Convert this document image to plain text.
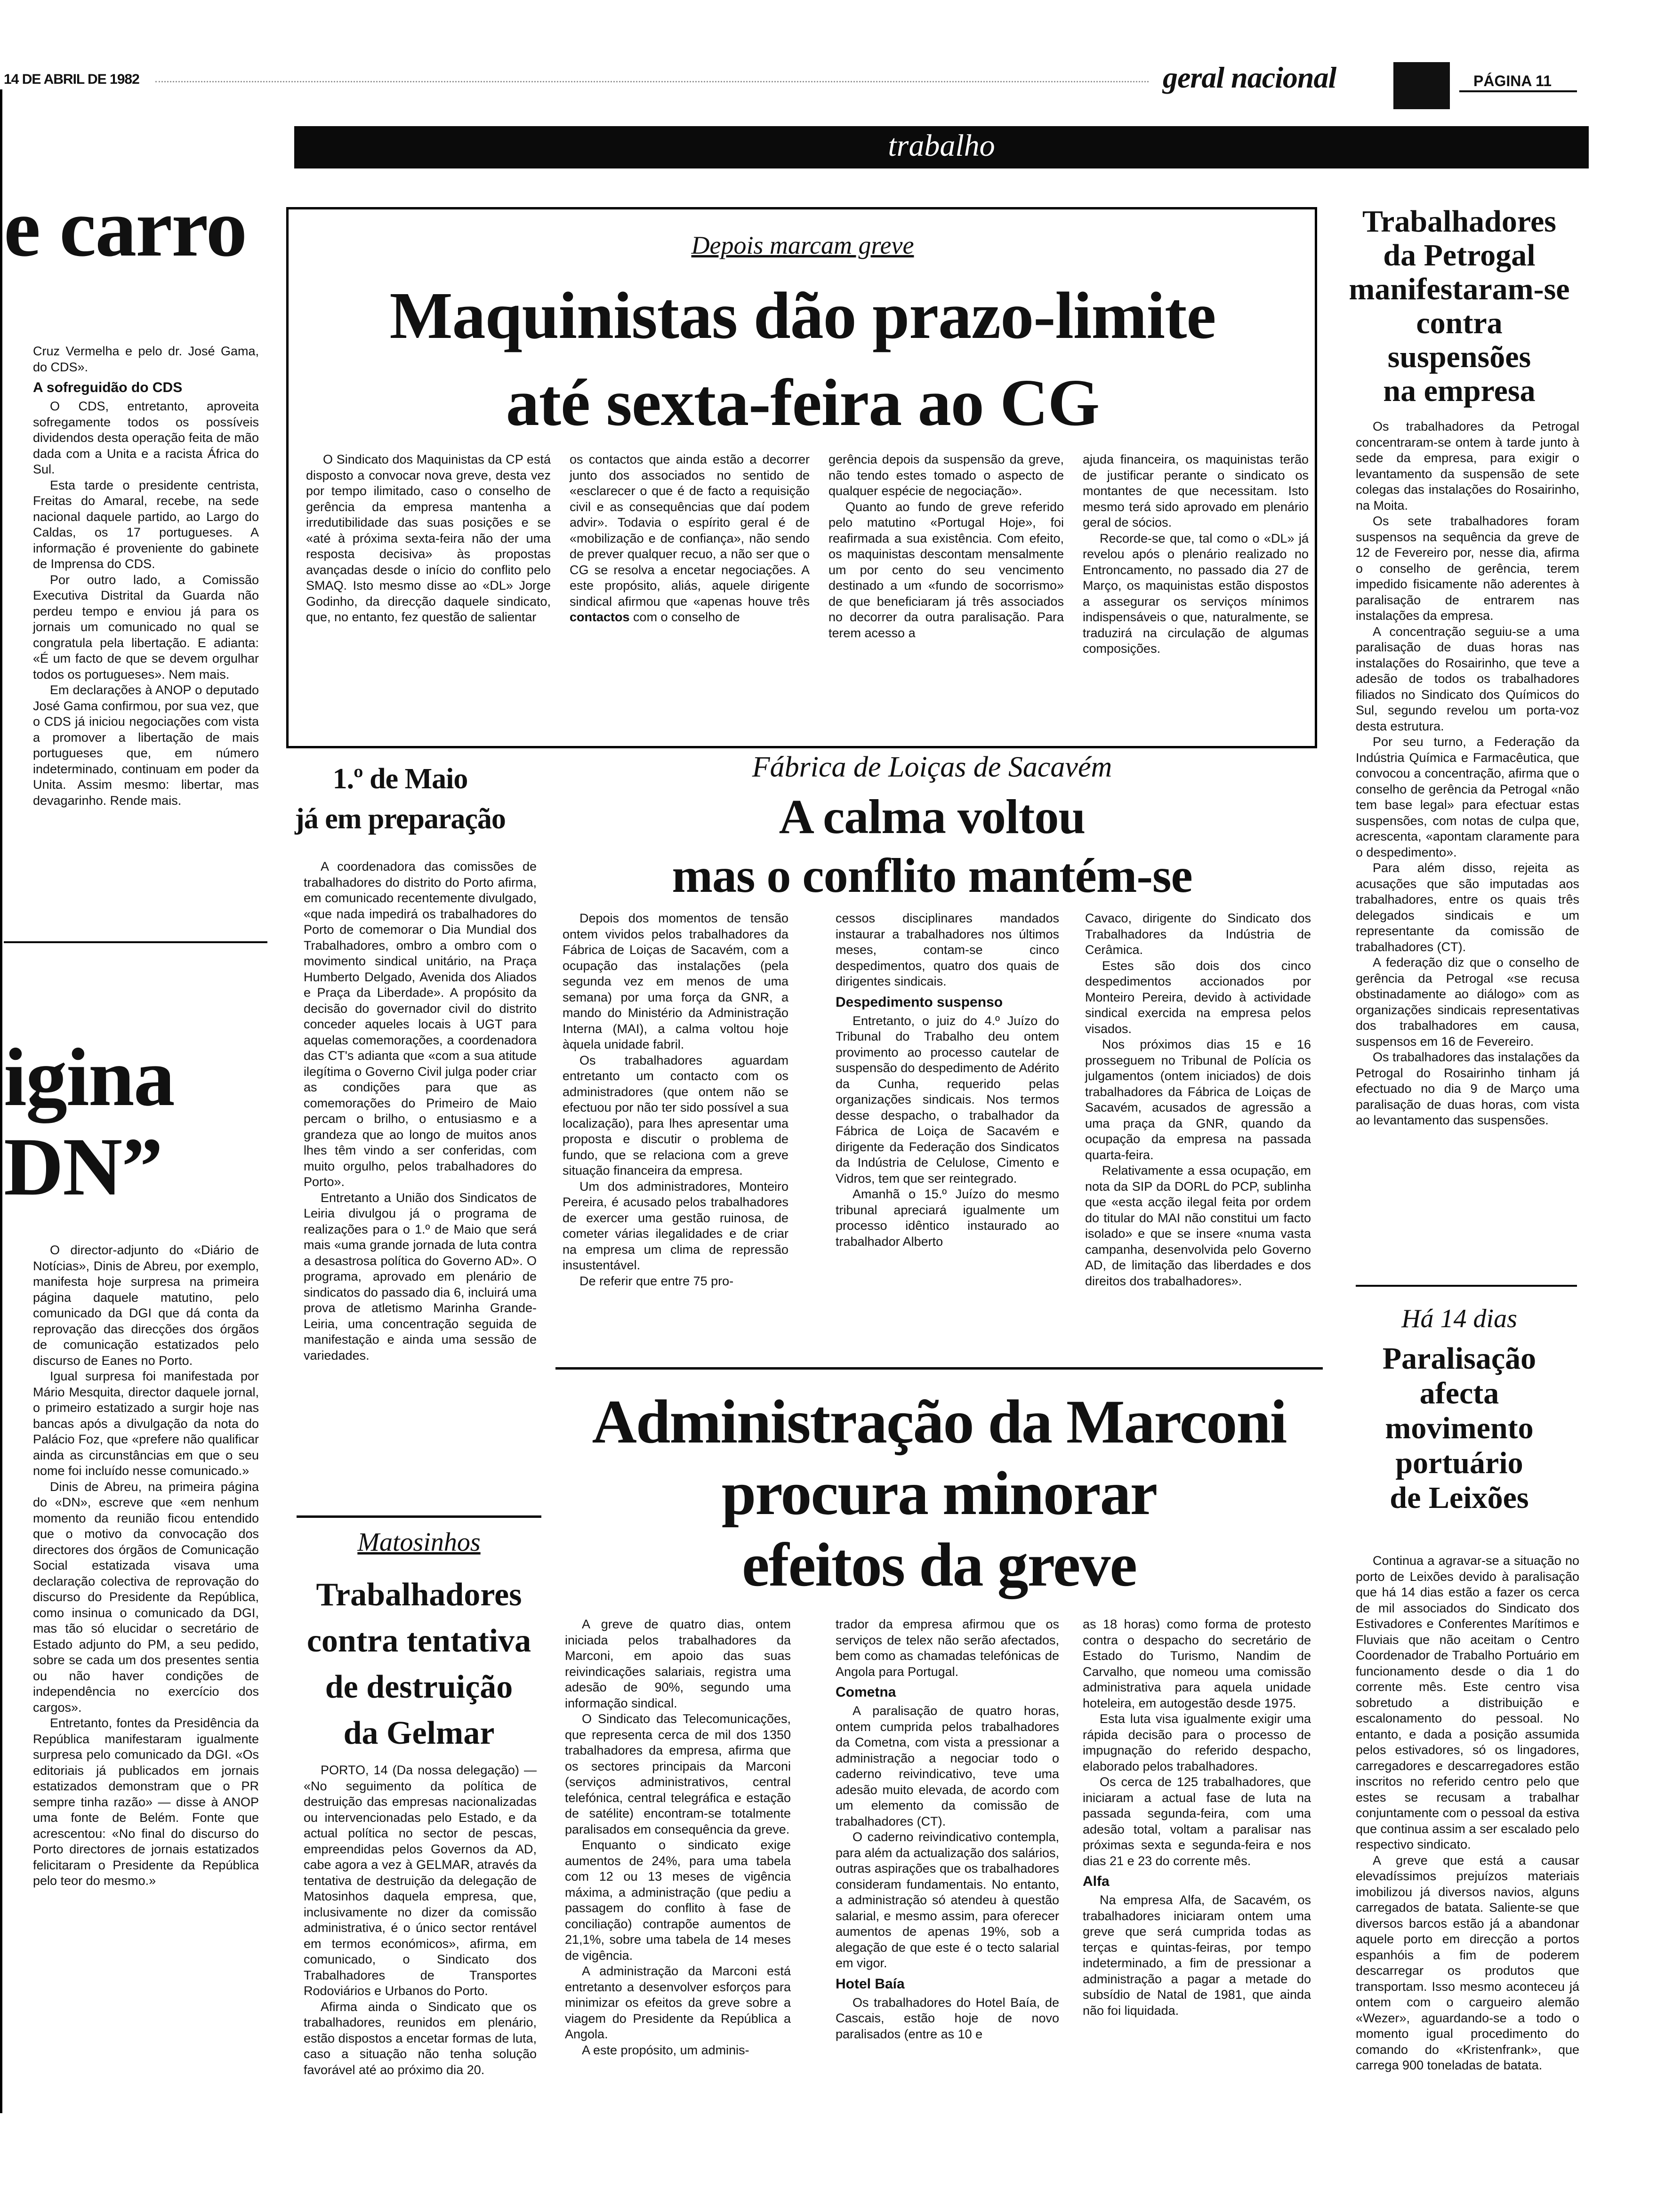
14 DE ABRIL DE 1982	geral nacional	PÁGINA 11
trabalho
e carro

Cruz Vermelha e pelo dr. José Gama, do CDS».

A sofreguidão do CDS

O CDS, entretanto, aproveita sofregamente todos os possíveis dividendos desta operação feita de mão dada com a Unita e a racista África do Sul.

Esta tarde o presidente centrista, Freitas do Amaral, recebe, na sede nacional daquele partido, ao Largo do Caldas, os 17 portugueses. A informação é proveniente do gabinete de Imprensa do CDS.

Por outro lado, a Comissão Executiva Distrital da Guarda não perdeu tempo e enviou já para os jornais um comunicado no qual se congratula pela libertação. E adianta: «É um facto de que se devem orgulhar todos os portugueses». Nem mais.

Em declarações à ANOP o deputado José Gama confirmou, por sua vez, que o CDS já iniciou negociações com vista a promover a libertação de mais portugueses que, em número indeterminado, continuam em poder da Unita. Assim mesmo: libertar, mas devagarinho. Rende mais.

igina
DN”

O director-adjunto do «Diário de Notícias», Dinis de Abreu, por exemplo, manifesta hoje surpresa na primeira página daquele matutino, pelo comunicado da DGI que dá conta da reprovação das direcções dos órgãos de comunicação estatizados pelo discurso de Eanes no Porto.

Igual surpresa foi manifestada por Mário Mesquita, director daquele jornal, o primeiro estatizado a surgir hoje nas bancas após a divulgação da nota do Palácio Foz, que «prefere não qualificar ainda as circunstâncias em que o seu nome foi incluído nesse comunicado.»

Dinis de Abreu, na primeira página do «DN», escreve que «em nenhum momento da reunião ficou entendido que o motivo da convocação dos directores dos órgãos de Comunicação Social estatizada visava uma declaração colectiva de reprovação do discurso do Presidente da República, como insinua o comunicado da DGI, mas tão só elucidar o secretário de Estado adjunto do PM, a seu pedido, sobre se cada um dos presentes sentia ou não haver condições de independência no exercício dos cargos».

Entretanto, fontes da Presidência da República manifestaram igualmente surpresa pelo comunicado da DGI. «Os editoriais já publicados em jornais estatizados demonstram que o PR sempre tinha razão» — disse à ANOP uma fonte de Belém. Fonte que acrescentou: «No final do discurso do Porto directores de jornais estatizados felicitaram o Presidente da República pelo teor do mesmo.»

Depois marcam greve
Maquinistas dão prazo-limite
até sexta-feira ao CG

O Sindicato dos Maquinistas da CP está disposto a convocar nova greve, desta vez por tempo ilimitado, caso o conselho de gerência da empresa mantenha a irredutibilidade das suas posições e se «até à próxima sexta-feira não der uma resposta decisiva» às propostas avançadas desde o início do conflito pelo SMAQ. Isto mesmo disse ao «DL» Jorge Godinho, da direcção daquele sindicato, que, no entanto, fez questão de salientar

os contactos que ainda estão a decorrer junto dos associados no sentido de «esclarecer o que é de facto a requisição civil e as consequências que daí podem advir». Todavia o espírito geral é de «mobilização e de confiança», não sendo de prever qualquer recuo, a não ser que o CG se resolva a encetar negociações. A este propósito, aliás, aquele dirigente sindical afirmou que «apenas houve três contactos com o conselho de

gerência depois da suspensão da greve, não tendo estes tomado o aspecto de qualquer espécie de negociação».

Quanto ao fundo de greve referido pelo matutino «Portugal Hoje», foi reafirmada a sua existência. Com efeito, os maquinistas descontam mensalmente um por cento do seu vencimento destinado a um «fundo de socorrismo» de que beneficiaram já três associados no decorrer da outra paralisação. Para terem acesso a

ajuda financeira, os maquinistas terão de justificar perante o sindicato os montantes de que necessitam. Isto mesmo terá sido aprovado em plenário geral de sócios.

Recorde-se que, tal como o «DL» já revelou após o plenário realizado no Entroncamento, no passado dia 27 de Março, os maquinistas estão dispostos a assegurar os serviços mínimos indispensáveis o que, naturalmente, se traduzirá na circulação de algumas composições.

Trabalhadores
da Petrogal
manifestaram-se
contra
suspensões
na empresa

Os trabalhadores da Petrogal concentraram-se ontem à tarde junto à sede da empresa, para exigir o levantamento da suspensão de sete colegas das instalações do Rosairinho, na Moita.

Os sete trabalhadores foram suspensos na sequência da greve de 12 de Fevereiro por, nesse dia, afirma o conselho de gerência, terem impedido fisicamente não aderentes à paralisação de entrarem nas instalações da empresa.

A concentração seguiu-se a uma paralisação de duas horas nas instalações do Rosairinho, que teve a adesão de todos os trabalhadores filiados no Sindicato dos Químicos do Sul, segundo revelou um porta-voz desta estrutura.

Por seu turno, a Federação da Indústria Química e Farmacêutica, que convocou a concentração, afirma que o conselho de gerência da Petrogal «não tem base legal» para efectuar estas suspensões, com notas de culpa que, acrescenta, «apontam claramente para o despedimento».

Para além disso, rejeita as acusações que são imputadas aos trabalhadores, entre os quais três delegados sindicais e um representante da comissão de trabalhadores (CT).

A federação diz que o conselho de gerência da Petrogal «se recusa obstinadamente ao diálogo» com as organizações sindicais representativas dos trabalhadores em causa, suspensos em 16 de Fevereiro.

Os trabalhadores das instalações da Petrogal do Rosairinho tinham já efectuado no dia 9 de Março uma paralisação de duas horas, com vista ao levantamento das suspensões.

1.º de Maio
já em preparação

A coordenadora das comissões de trabalhadores do distrito do Porto afirma, em comunicado recentemente divulgado, «que nada impedirá os trabalhadores do Porto de comemorar o Dia Mundial dos Trabalhadores, ombro a ombro com o movimento sindical unitário, na Praça Humberto Delgado, Avenida dos Aliados e Praça da Liberdade». A propósito da decisão do governador civil do distrito conceder aqueles locais à UGT para aquelas comemorações, a coordenadora das CT's adianta que «com a sua atitude ilegítima o Governo Civil julga poder criar as condições para que as comemorações do Primeiro de Maio percam o brilho, o entusiasmo e a grandeza que ao longo de muitos anos lhes têm vindo a ser conferidas, com muito orgulho, pelos trabalhadores do Porto».

Entretanto a União dos Sindicatos de Leiria divulgou já o programa de realizações para o 1.º de Maio que será mais «uma grande jornada de luta contra a desastrosa política do Governo AD». O programa, aprovado em plenário de sindicatos do passado dia 6, incluirá uma prova de atletismo Marinha Grande-Leiria, uma concentração seguida de manifestação e ainda uma sessão de variedades.

Fábrica de Loiças de Sacavém
A calma voltou
mas o conflito mantém-se

Depois dos momentos de tensão ontem vividos pelos trabalhadores da Fábrica de Loiças de Sacavém, com a ocupação das instalações (pela segunda vez em menos de uma semana) por uma força da GNR, a mando do Ministério da Administração Interna (MAI), a calma voltou hoje àquela unidade fabril.

Os trabalhadores aguardam entretanto um contacto com os administradores (que ontem não se efectuou por não ter sido possível a sua localização), para lhes apresentar uma proposta e discutir o problema de fundo, que se relaciona com a greve situação financeira da empresa.

Um dos administradores, Monteiro Pereira, é acusado pelos trabalhadores de exercer uma gestão ruinosa, de cometer várias ilegalidades e de criar na empresa um clima de repressão insustentável.

De referir que entre 75 pro-

cessos disciplinares mandados instaurar a trabalhadores nos últimos meses, contam-se cinco despedimentos, quatro dos quais de dirigentes sindicais.

Despedimento suspenso

Entretanto, o juiz do 4.º Juízo do Tribunal do Trabalho deu ontem provimento ao processo cautelar de suspensão do despedimento de Adérito da Cunha, requerido pelas organizações sindicais. Nos termos desse despacho, o trabalhador da Fábrica de Loiça de Sacavém e dirigente da Federação dos Sindicatos da Indústria de Celulose, Cimento e Vidros, tem que ser reintegrado.

Amanhã o 15.º Juízo do mesmo tribunal apreciará igualmente um processo idêntico instaurado ao trabalhador Alberto

Cavaco, dirigente do Sindicato dos Trabalhadores da Indústria de Cerâmica.

Estes são dois dos cinco despedimentos accionados por Monteiro Pereira, devido à actividade sindical exercida na empresa pelos visados.

Nos próximos dias 15 e 16 prosseguem no Tribunal de Polícia os julgamentos (ontem iniciados) de dois trabalhadores da Fábrica de Loiças de Sacavém, acusados de agressão a uma praça da GNR, quando da ocupação da empresa na passada quarta-feira.

Relativamente a essa ocupação, em nota da SIP da DORL do PCP, sublinha que «esta acção ilegal feita por ordem do titular do MAI não constitui um facto isolado» e que se insere «numa vasta campanha, desenvolvida pelo Governo AD, de limitação das liberdades e dos direitos dos trabalhadores».

Há 14 dias
Paralisação
afecta
movimento
portuário
de Leixões

Continua a agravar-se a situação no porto de Leixões devido à paralisação que há 14 dias estão a fazer os cerca de mil associados do Sindicato dos Estivadores e Conferentes Marítimos e Fluviais que não aceitam o Centro Coordenador de Trabalho Portuário em funcionamento desde o dia 1 do corrente mês. Este centro visa sobretudo a distribuição e escalonamento do pessoal. No entanto, e dada a posição assumida pelos estivadores, só os lingadores, carregadores e descarregadores estão inscritos no referido centro pelo que estes se recusam a trabalhar conjuntamente com o pessoal da estiva que continua assim a ser escalado pelo respectivo sindicato.

A greve que está a causar elevadíssimos prejuízos materiais imobilizou já diversos navios, alguns carregados de batata. Saliente-se que diversos barcos estão já a abandonar aquele porto em direcção a portos espanhóis a fim de poderem descarregar os produtos que transportam. Isso mesmo aconteceu já ontem com o cargueiro alemão «Wezer», aguardando-se a todo o momento igual procedimento do comando do «Kristenfrank», que carrega 900 toneladas de batata.

Matosinhos
Trabalhadores
contra tentativa
de destruição
da Gelmar

PORTO, 14 (Da nossa delegação) — «No seguimento da política de destruição das empresas nacionalizadas ou intervencionadas pelo Estado, e da actual política no sector de pescas, empreendidas pelos Governos da AD, cabe agora a vez à GELMAR, através da tentativa de destruição da delegação de Matosinhos daquela empresa, que, inclusivamente no dizer da comissão administrativa, é o único sector rentável em termos económicos», afirma, em comunicado, o Sindicato dos Trabalhadores de Transportes Rodoviários e Urbanos do Porto.

Afirma ainda o Sindicato que os trabalhadores, reunidos em plenário, estão dispostos a encetar formas de luta, caso a situação não tenha solução favorável até ao próximo dia 20.

Administração da Marconi
procura minorar
efeitos da greve

A greve de quatro dias, ontem iniciada pelos trabalhadores da Marconi, em apoio das suas reivindicações salariais, registra uma adesão de 90%, segundo uma informação sindical.

O Sindicato das Telecomunicações, que representa cerca de mil dos 1350 trabalhadores da empresa, afirma que os sectores principais da Marconi (serviços administrativos, central telefónica, central telegráfica e estação de satélite) encontram-se totalmente paralisados em consequência da greve.

Enquanto o sindicato exige aumentos de 24%, para uma tabela com 12 ou 13 meses de vigência máxima, a administração (que pediu a passagem do conflito à fase de conciliação) contrapõe aumentos de 21,1%, sobre uma tabela de 14 meses de vigência.

A administração da Marconi está entretanto a desenvolver esforços para minimizar os efeitos da greve sobre a viagem do Presidente da República a Angola.

A este propósito, um adminis-

trador da empresa afirmou que os serviços de telex não serão afectados, bem como as chamadas telefónicas de Angola para Portugal.

Cometna

A paralisação de quatro horas, ontem cumprida pelos trabalhadores da Cometna, com vista a pressionar a administração a negociar todo o caderno reivindicativo, teve uma adesão muito elevada, de acordo com um elemento da comissão de trabalhadores (CT).

O caderno reivindicativo contempla, para além da actualização dos salários, outras aspirações que os trabalhadores consideram fundamentais. No entanto, a administração só atendeu à questão salarial, e mesmo assim, para oferecer aumentos de apenas 19%, sob a alegação de que este é o tecto salarial em vigor.

Hotel Baía

Os trabalhadores do Hotel Baía, de Cascais, estão hoje de novo paralisados (entre as 10 e

as 18 horas) como forma de protesto contra o despacho do secretário de Estado do Turismo, Nandim de Carvalho, que nomeou uma comissão administrativa para aquela unidade hoteleira, em autogestão desde 1975.

Esta luta visa igualmente exigir uma rápida decisão para o processo de impugnação do referido despacho, elaborado pelos trabalhadores.

Os cerca de 125 trabalhadores, que iniciaram a actual fase de luta na passada segunda-feira, com uma adesão total, voltam a paralisar nas próximas sexta e segunda-feira e nos dias 21 e 23 do corrente mês.

Alfa

Na empresa Alfa, de Sacavém, os trabalhadores iniciaram ontem uma greve que será cumprida todas as terças e quintas-feiras, por tempo indeterminado, a fim de pressionar a administração a pagar a metade do subsídio de Natal de 1981, que ainda não foi liquidada.
